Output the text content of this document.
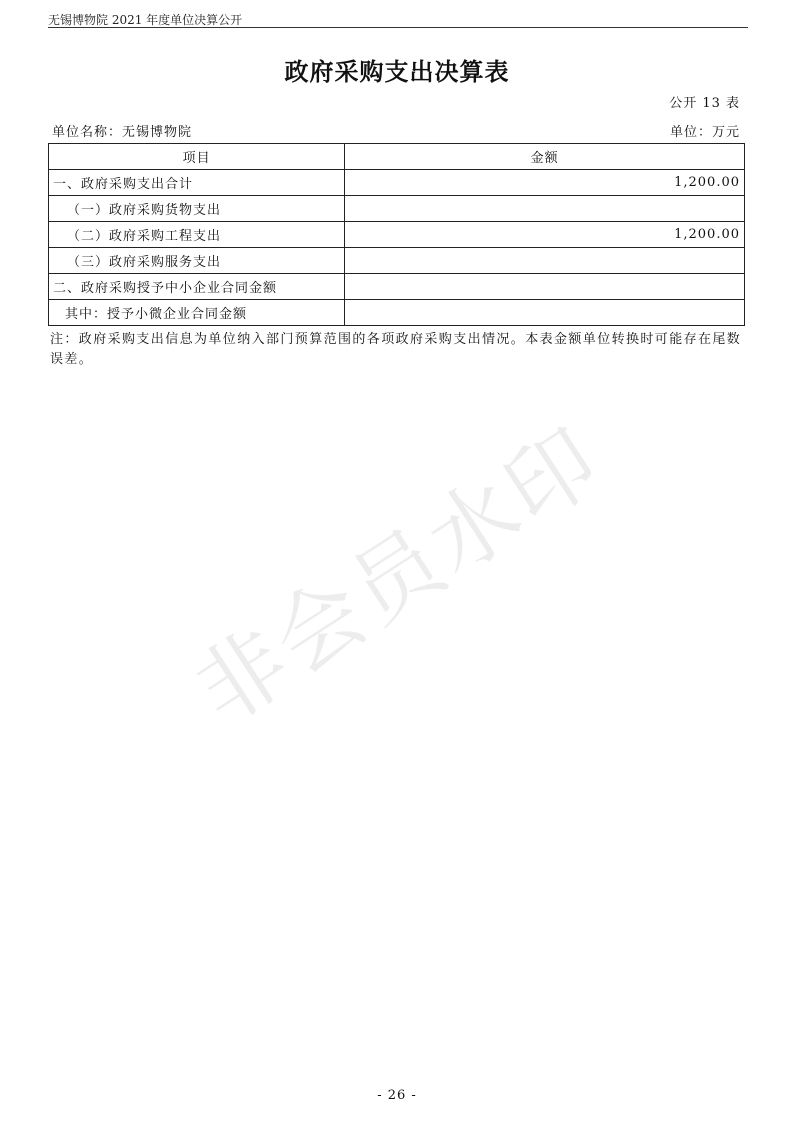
无锡博物院 2021 年度单位决算公开
政府采购支出决算表
公开 13 表
单位名称：无锡博物院	单位：万元
项目	金额
一、政府采购支出合计	1,200.00
（一）政府采购货物支出	
（二）政府采购工程支出	1,200.00
（三）政府采购服务支出	
二、政府采购授予中小企业合同金额	
其中：授予小微企业合同金额	
注：政府采购支出信息为单位纳入部门预算范围的各项政府采购支出情况。本表金额单位转换时可能存在尾数误差。
非会员水印
- 26 -
